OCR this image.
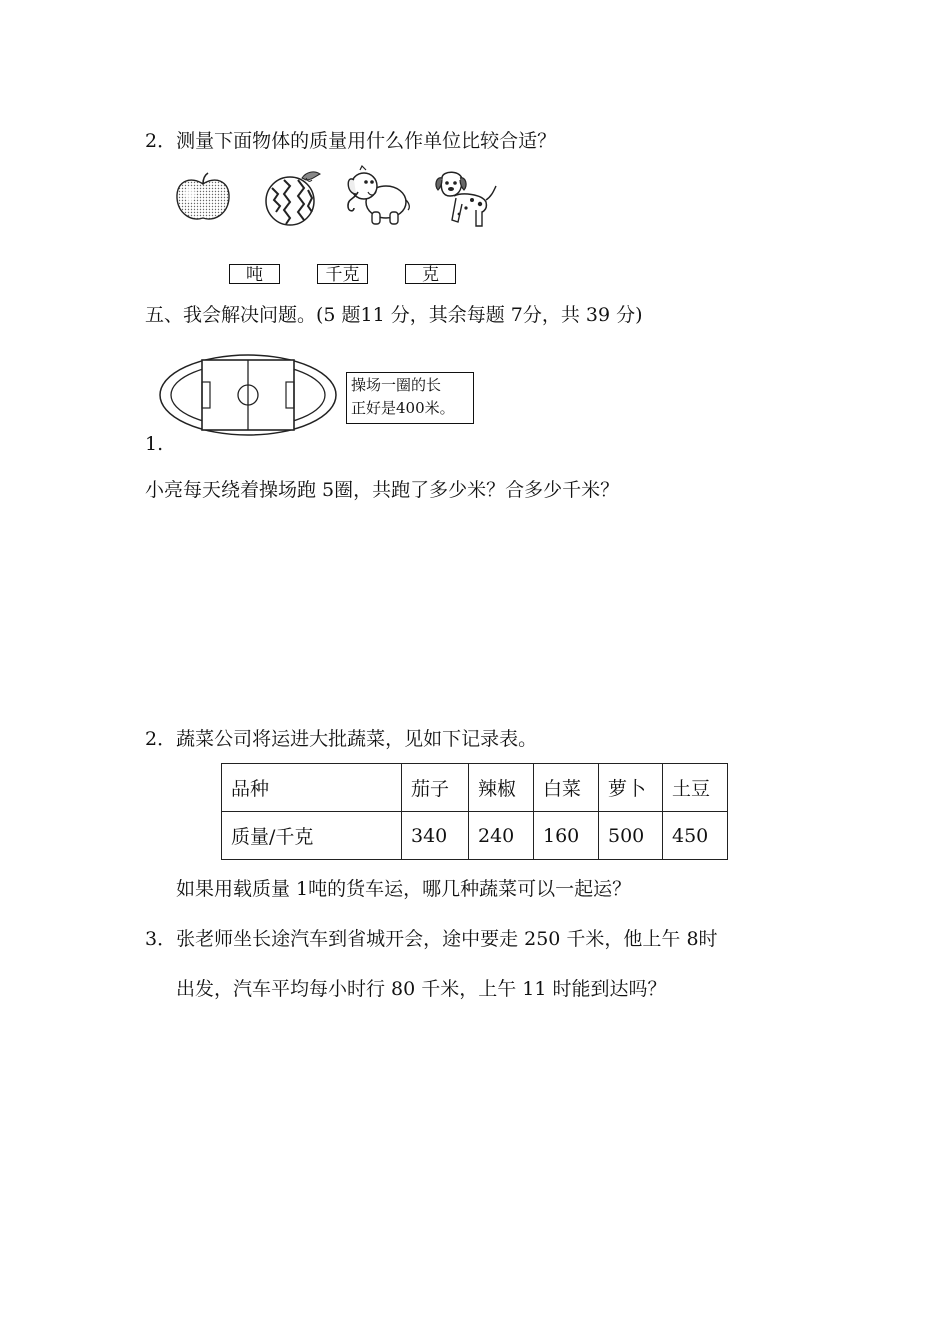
2．测量下面物体的质量用什么作单位比较合适？
吨	千克	克
五、我会解决问题。(5 题11 分，其余每题 7分，共 39 分)
操场一圈的长
正好是400米。
1.
小亮每天绕着操场跑 5圈，共跑了多少米？合多少千米？
2．蔬菜公司将运进大批蔬菜，见如下记录表。
品种	茄子	辣椒	白菜	萝卜	土豆
质量/千克	340	240	160	500	450
如果用载质量 1吨的货车运，哪几种蔬菜可以一起运？
3．张老师坐长途汽车到省城开会，途中要走 250 千米，他上午 8时
出发，汽车平均每小时行 80 千米，上午 11 时能到达吗？
